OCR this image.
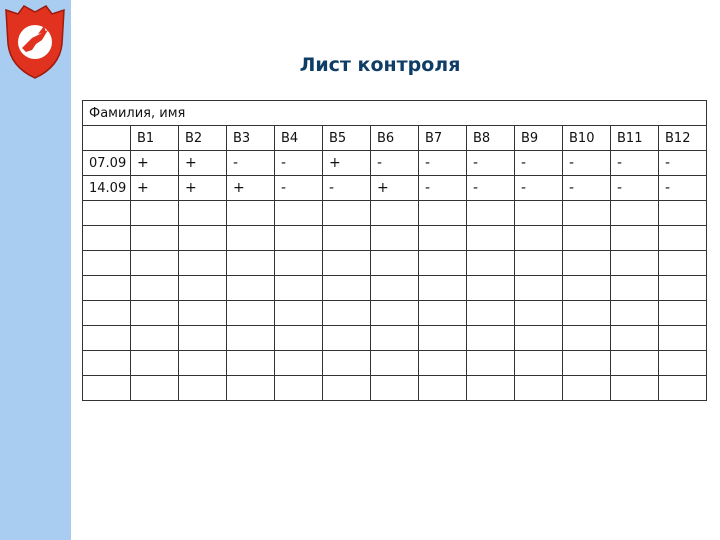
Лист контроля
Фамилия, имя												
	В1	В2	В3	В4	В5	В6	В7	В8	В9	В10	В11	В12
07.09	+	+	-	-	+	-	-	-	-	-	-	-
14.09	+	+	+	-	-	+	-	-	-	-	-	-
